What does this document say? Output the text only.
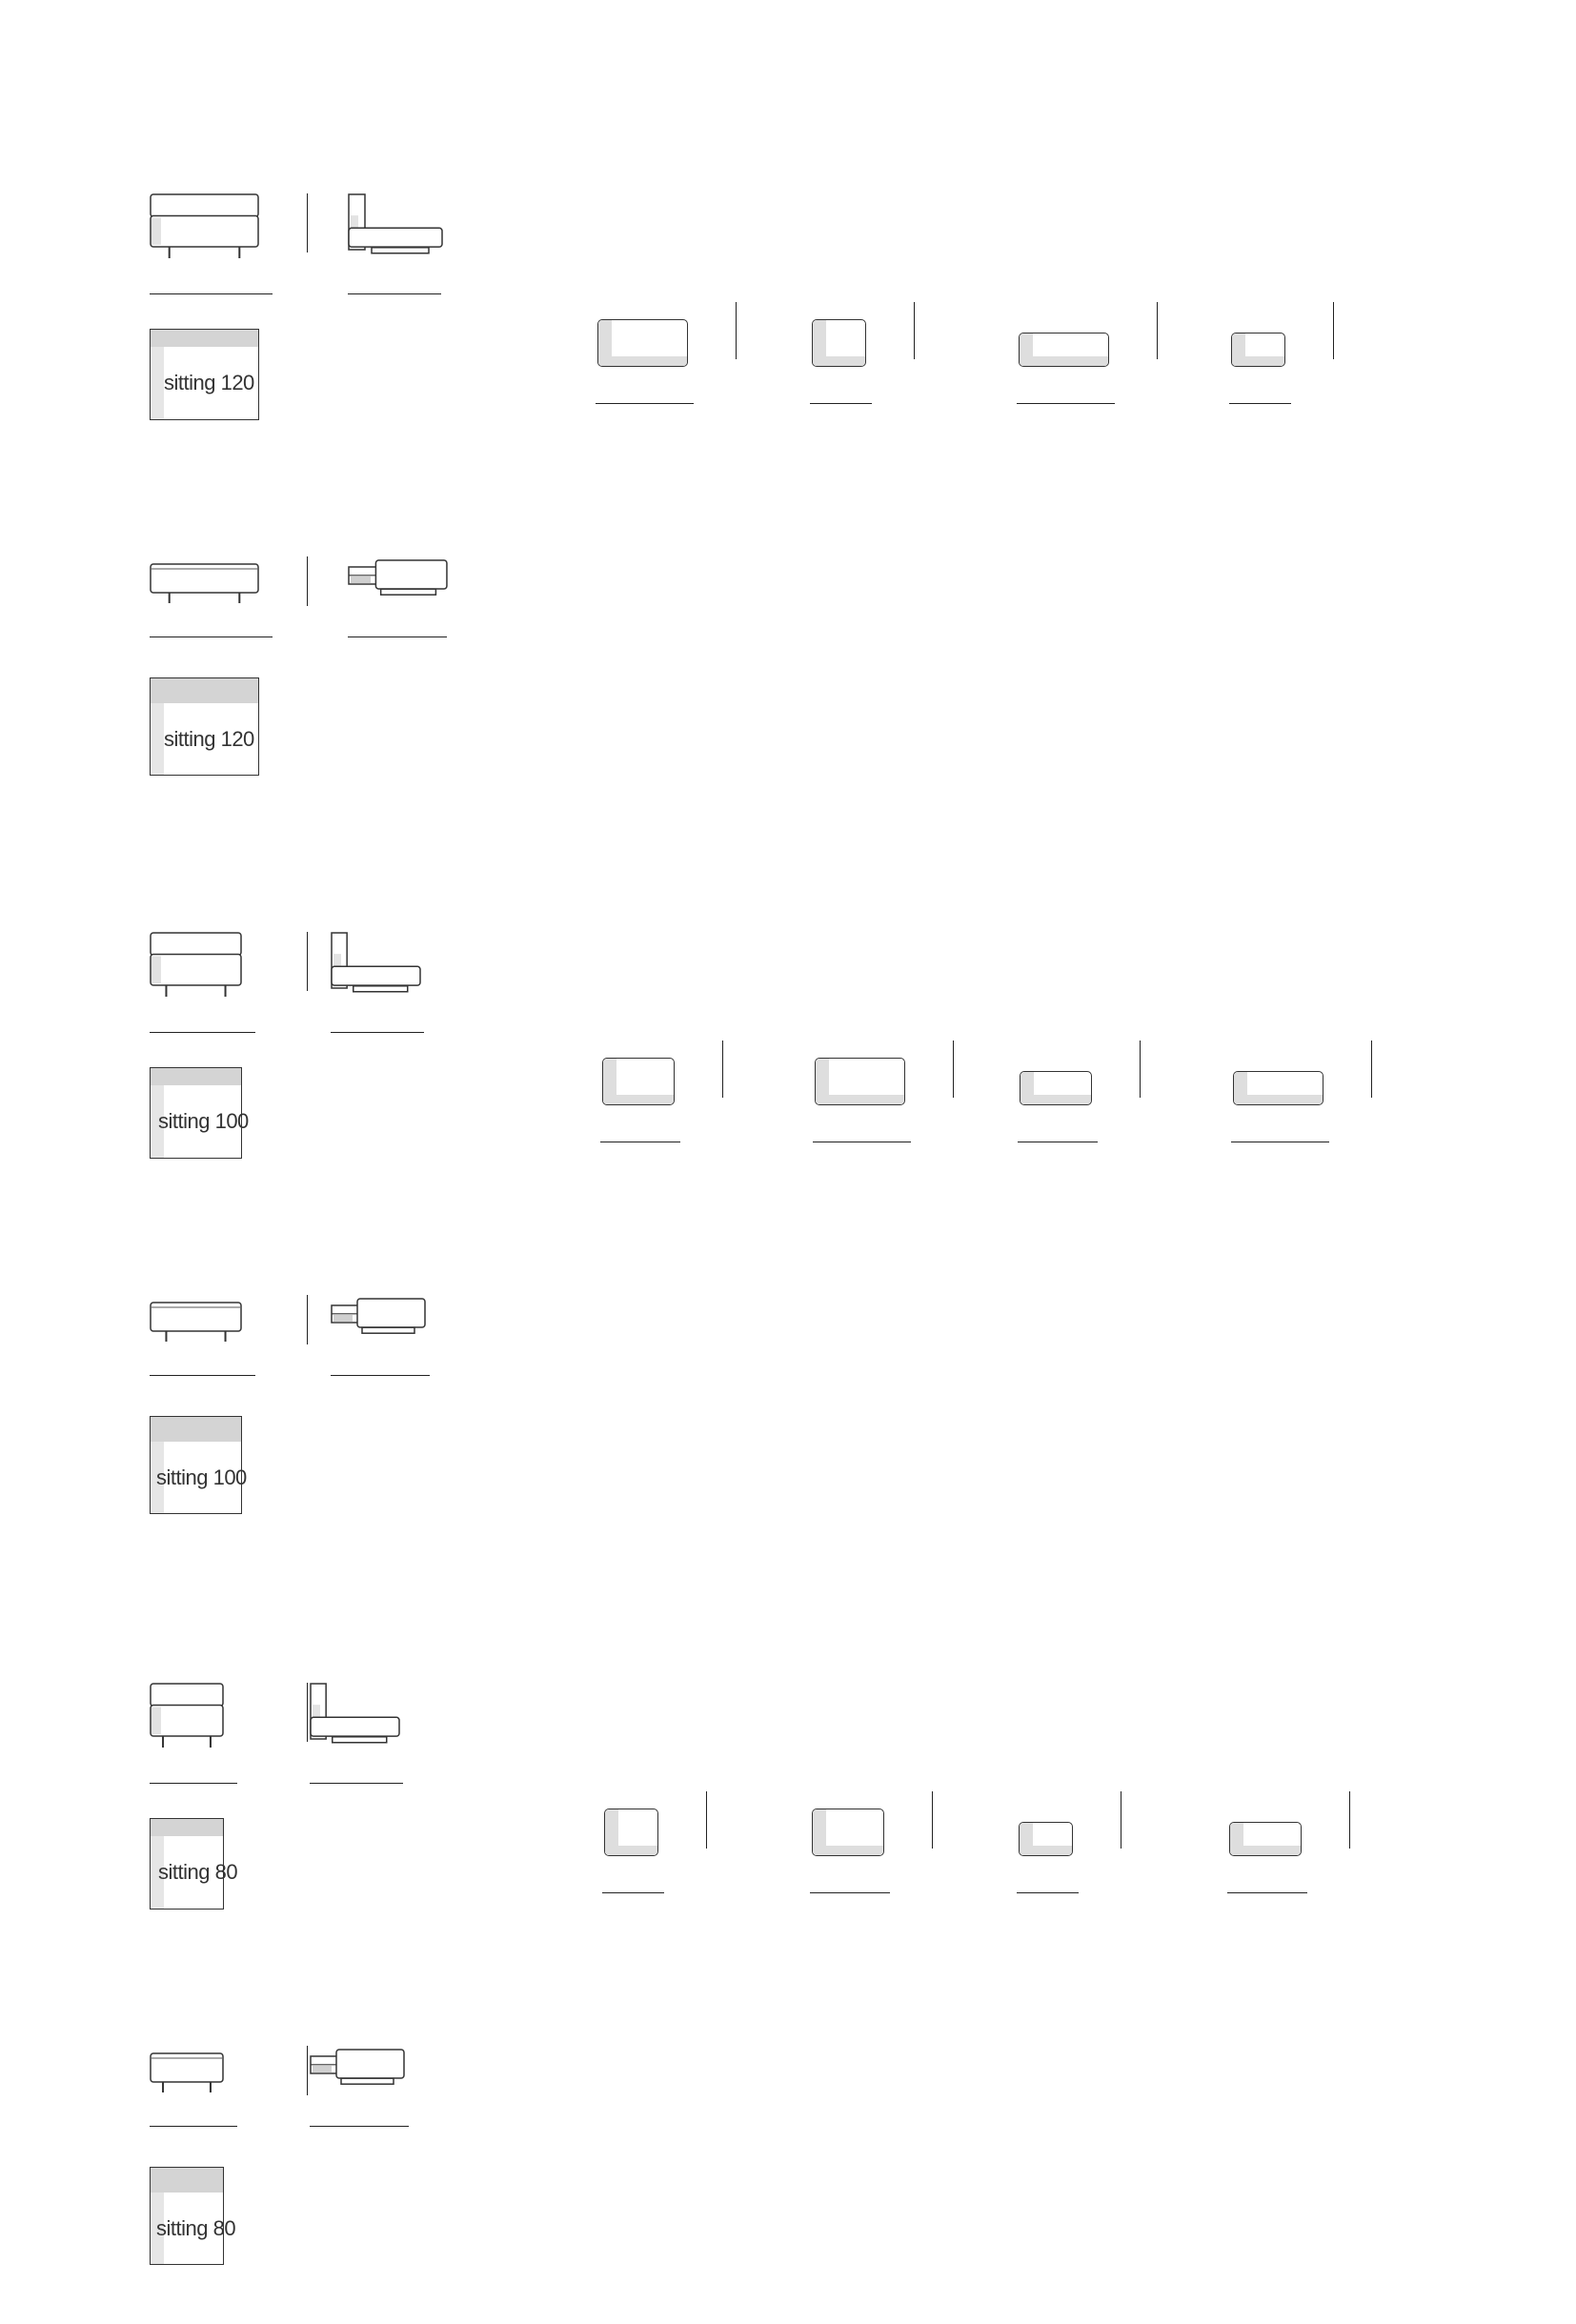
sitting 120
sitting 120
sitting 100
sitting 100
sitting 80
sitting 80
